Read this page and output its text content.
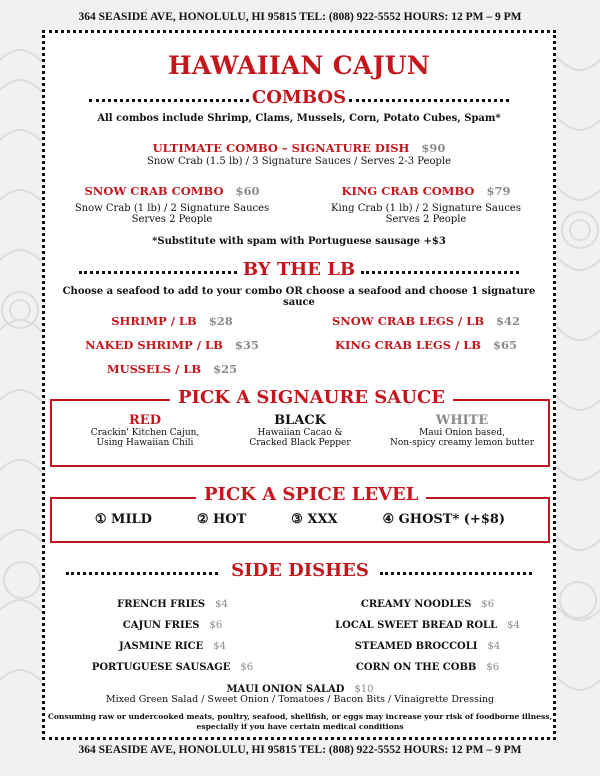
364 SEASIDE AVE, HONOLULU, HI 95815 TEL: (808) 922-5552 HOURS: 12 PM – 9 PM
HAWAIIAN CAJUN
COMBOS
All combos include Shrimp, Clams, Mussels, Corn, Potato Cubes, Spam*
ULTIMATE COMBO – SIGNATURE DISH $90
Snow Crab (1.5 lb) / 3 Signature Sauces / Serves 2-3 People
SNOW CRAB COMBO $60
Snow Crab (1 lb) / 2 Signature Sauces
Serves 2 People
KING CRAB COMBO $79
King Crab (1 lb) / 2 Signature Sauces
Serves 2 People
*Substitute with spam with Portuguese sausage +$3
BY THE LB
Choose a seafood to add to your combo OR choose a seafood and choose 1 signature sauce
SHRIMP / LB $28	SNOW CRAB LEGS / LB $42
NAKED SHRIMP / LB $35	KING CRAB LEGS / LB $65
MUSSELS / LB $25
PICK A SIGNAURE SAUCE
RED
Crackin' Kitchen Cajun,
Using Hawaiian Chili
BLACK
Hawaiian Cacao &
Cracked Black Pepper
WHITE
Maui Onion based,
Non-spicy creamy lemon butter
PICK A SPICE LEVEL
① MILD	② HOT	③ XXX	④ GHOST* (+$8)
SIDE DISHES
FRENCH FRIES $4	CREAMY NOODLES $6
CAJUN FRIES $6	LOCAL SWEET BREAD ROLL $4
JASMINE RICE $4	STEAMED BROCCOLI $4
PORTUGUESE SAUSAGE $6	CORN ON THE COBB $6
MAUI ONION SALAD $10
Mixed Green Salad / Sweet Onion / Tomatoes / Bacon Bits / Vinaigrette Dressing
Consuming raw or undercooked meats, poultry, seafood, shellfish, or eggs may increase your risk of foodborne illness,
especially if you have certain medical conditions
364 SEASIDE AVE, HONOLULU, HI 95815 TEL: (808) 922-5552 HOURS: 12 PM – 9 PM
